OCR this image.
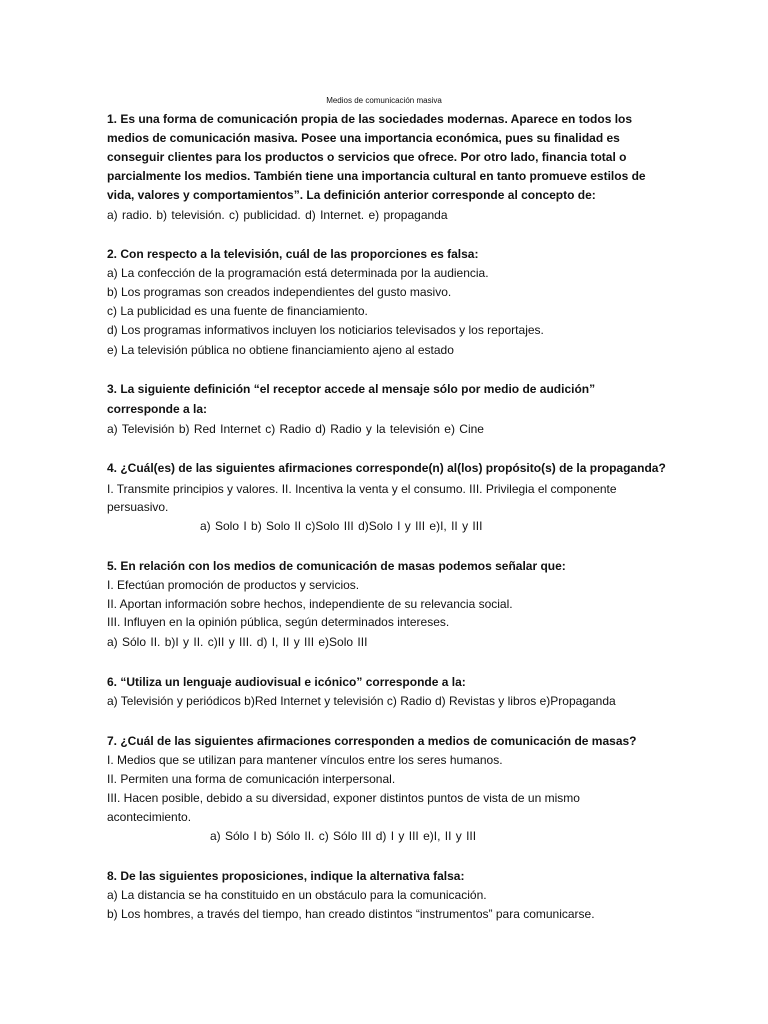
Medios de comunicación masiva
1. Es una forma de comunicación propia de las sociedades modernas. Aparece en todos los
medios de comunicación masiva. Posee una importancia económica, pues su finalidad es
conseguir clientes para los productos o servicios que ofrece. Por otro lado, financia total o
parcialmente los medios. También tiene una importancia cultural en tanto promueve estilos de
vida, valores y comportamientos”. La definición anterior corresponde al concepto de:
a) radio. b) televisión. c) publicidad. d) Internet. e) propaganda
2. Con respecto a la televisión, cuál de las proporciones es falsa:
a) La confección de la programación está determinada por la audiencia.
b) Los programas son creados independientes del gusto masivo.
c) La publicidad es una fuente de financiamiento.
d) Los programas informativos incluyen los noticiarios televisados y los reportajes.
e) La televisión pública no obtiene financiamiento ajeno al estado
3. La siguiente definición “el receptor accede al mensaje sólo por medio de audición”
corresponde a la:
a) Televisión b) Red Internet c) Radio d) Radio y la televisión e) Cine
4. ¿Cuál(es) de las siguientes afirmaciones corresponde(n) al(los) propósito(s) de la propaganda?
I. Transmite principios y valores. II. Incentiva la venta y el consumo. III. Privilegia el componente
persuasivo.
a) Solo I b) Solo II c)Solo III d)Solo I y III e)I, II y III
5. En relación con los medios de comunicación de masas podemos señalar que:
I. Efectúan promoción de productos y servicios.
II. Aportan información sobre hechos, independiente de su relevancia social.
III. Influyen en la opinión pública, según determinados intereses.
a) Sólo II. b)I y II. c)II y III. d) I, II y III e)Solo III
6. “Utiliza un lenguaje audiovisual e icónico” corresponde a la:
a) Televisión y periódicos b)Red Internet y televisión c) Radio d) Revistas y libros e)Propaganda
7. ¿Cuál de las siguientes afirmaciones corresponden a medios de comunicación de masas?
I. Medios que se utilizan para mantener vínculos entre los seres humanos.
II. Permiten una forma de comunicación interpersonal.
III. Hacen posible, debido a su diversidad, exponer distintos puntos de vista de un mismo
acontecimiento.
a) Sólo I b) Sólo II. c) Sólo III d) I y III e)I, II y III
8. De las siguientes proposiciones, indique la alternativa falsa:
a) La distancia se ha constituido en un obstáculo para la comunicación.
b) Los hombres, a través del tiempo, han creado distintos “instrumentos” para comunicarse.
